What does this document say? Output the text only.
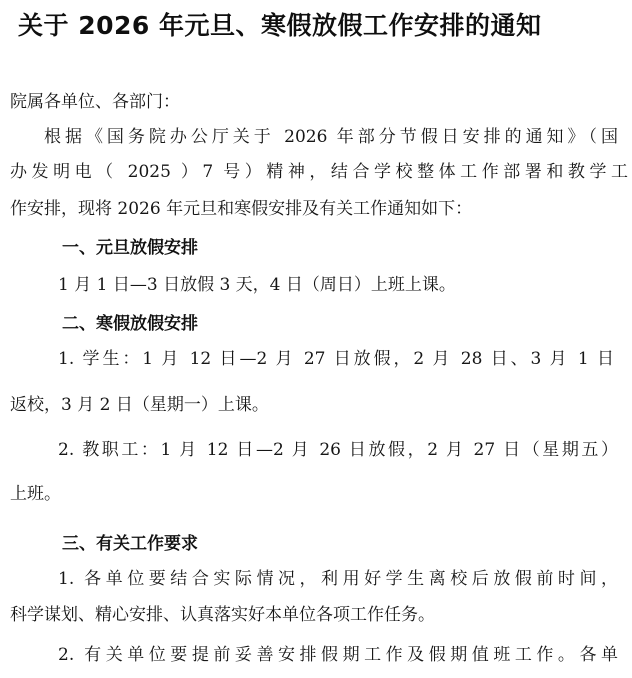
关于 2026 年元旦、寒假放假工作安排的通知
院属各单位、各部门：
根据《国务院办公厅关于 2026 年部分节假日安排的通知》（国
办发明电（ 2025 ）7 号）精神，结合学校整体工作部署和教学工
作安排，现将 2026 年元旦和寒假安排及有关工作通知如下：
一、元旦放假安排
1 月 1 日—3 日放假 3 天，4 日（周日）上班上课。
二、寒假放假安排
1. 学生：1 月 12 日—2 月 27 日放假，2 月 28 日、3 月 1 日
返校，3 月 2 日（星期一）上课。
2. 教职工：1 月 12 日—2 月 26 日放假，2 月 27 日（星期五）
上班。
三、有关工作要求
1. 各单位要结合实际情况，利用好学生离校后放假前时间，
科学谋划、精心安排、认真落实好本单位各项工作任务。
2. 有关单位要提前妥善安排假期工作及假期值班工作。各单
